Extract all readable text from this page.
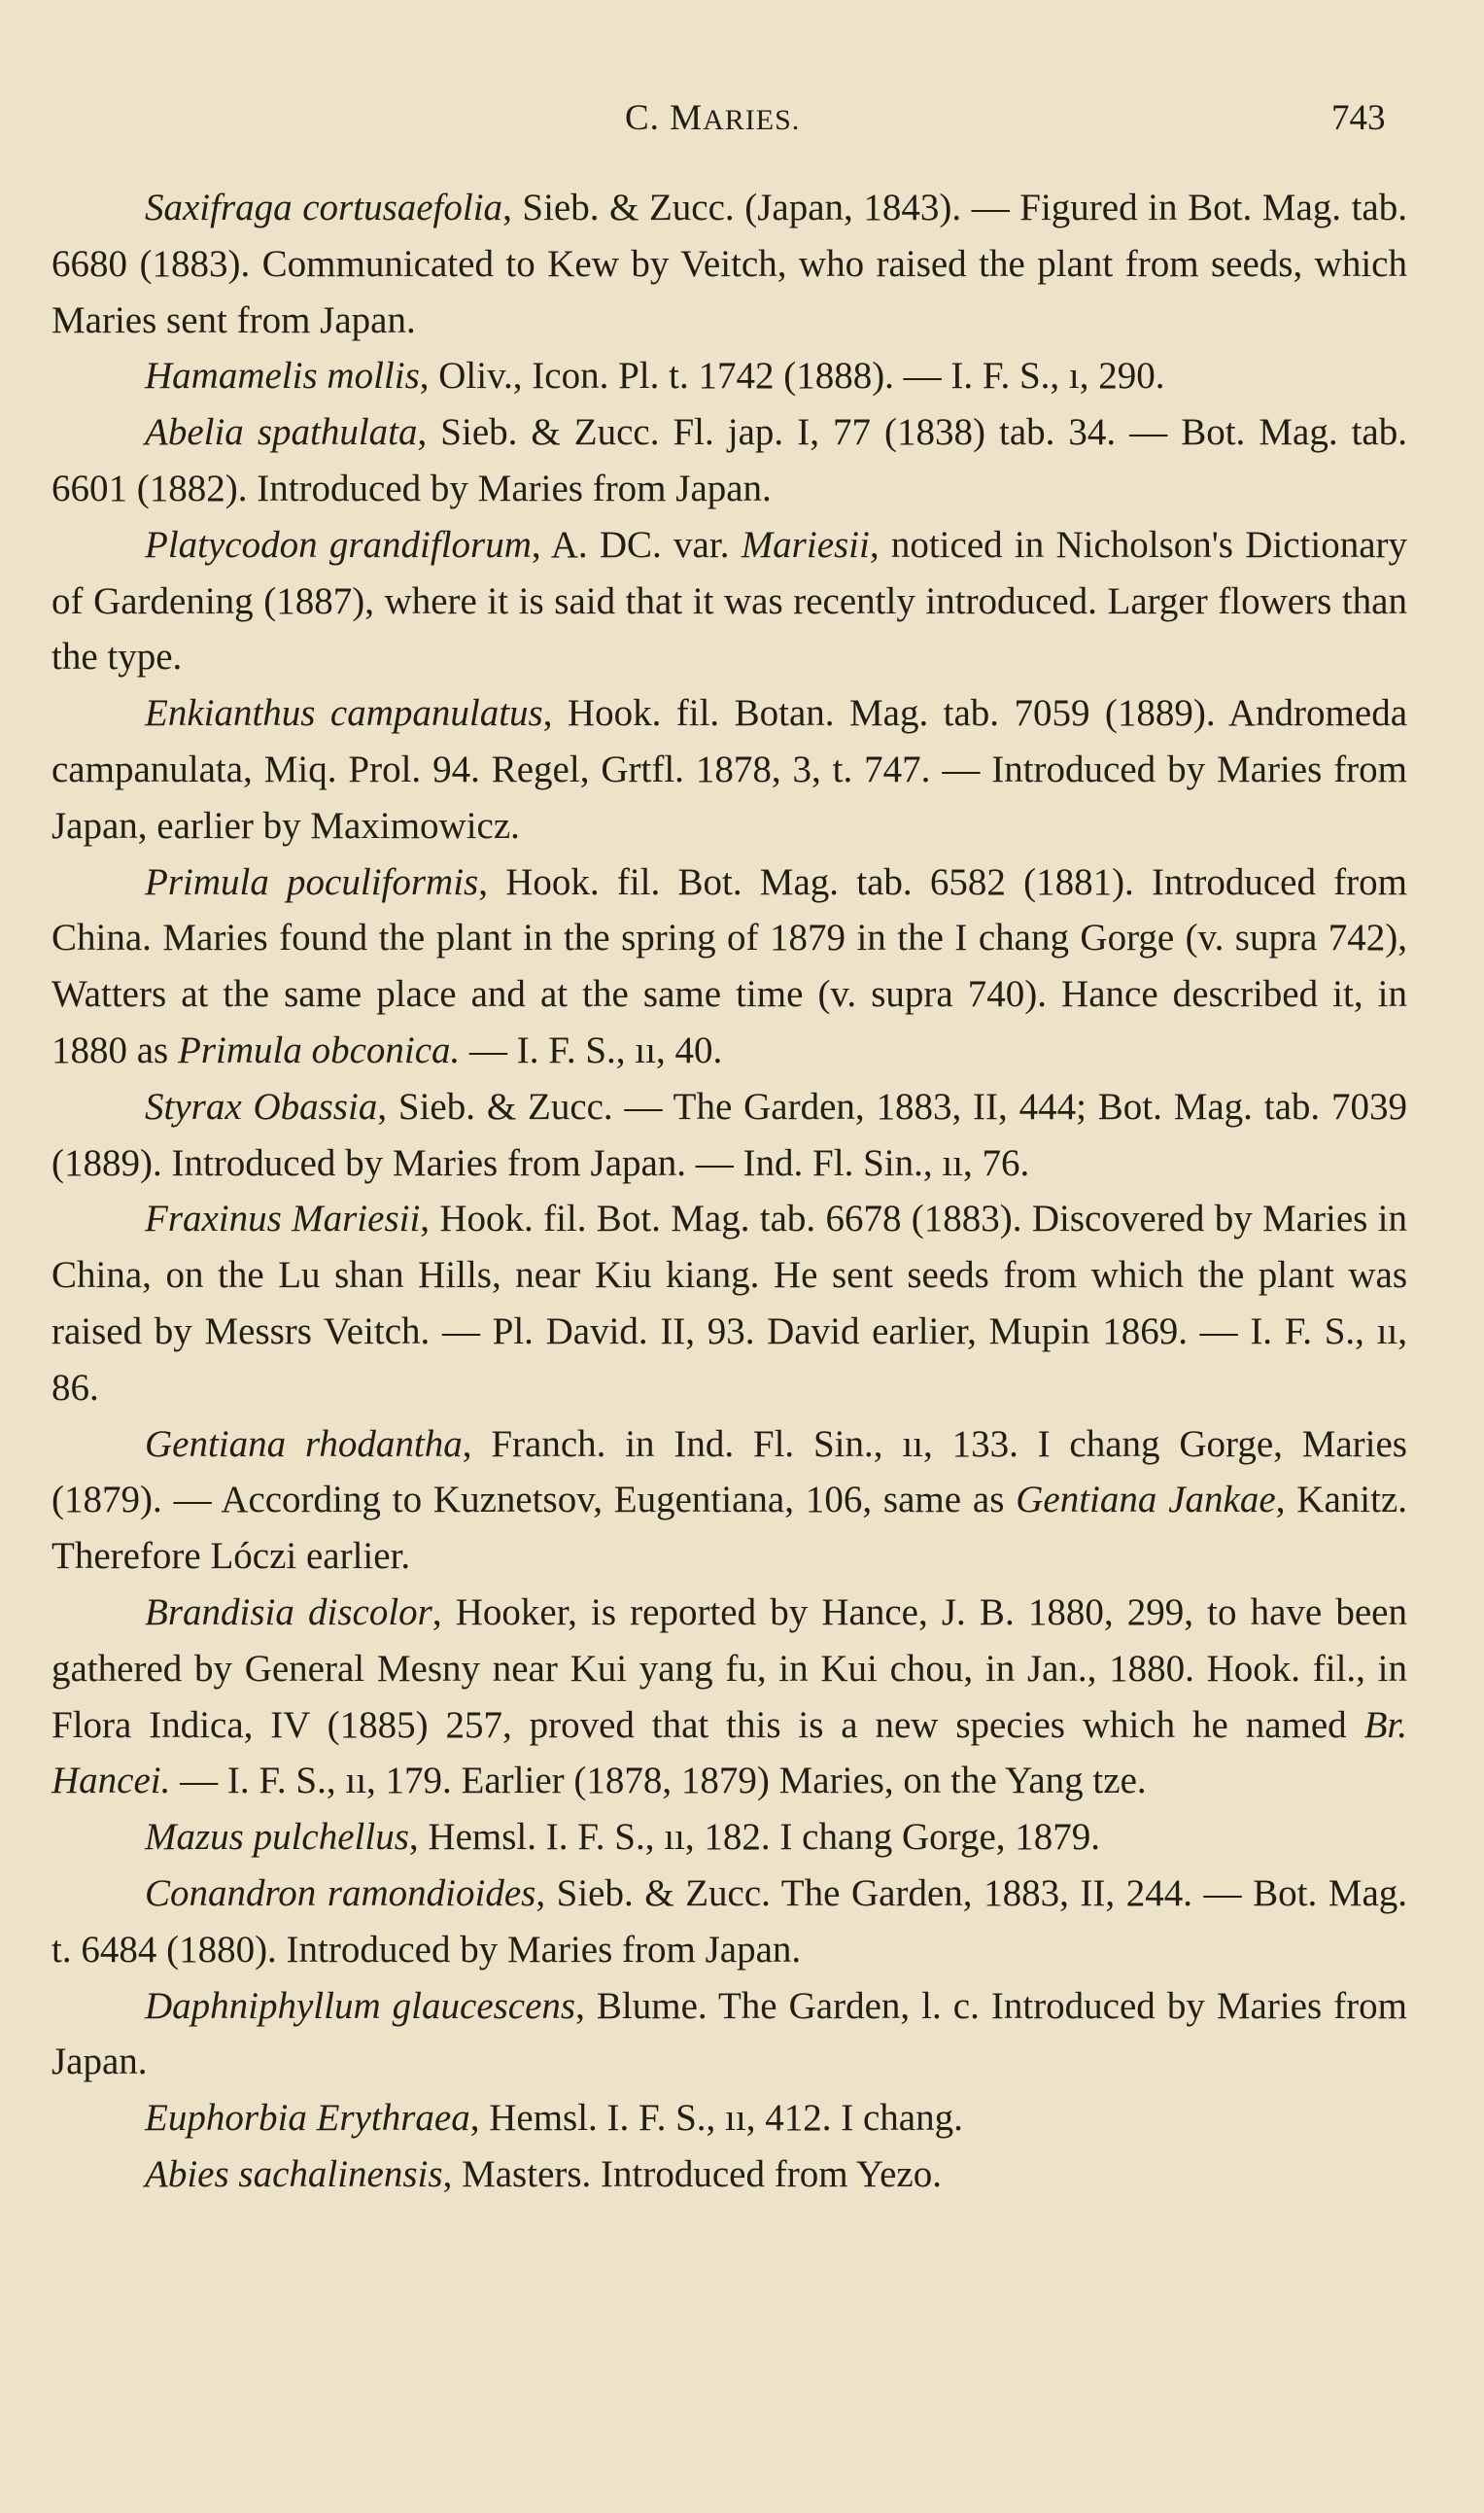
C. MARIES.	743

Saxifraga cortusaefolia, Sieb. & Zucc. (Japan, 1843). — Figured in Bot. Mag. tab. 6680 (1883). Communicated to Kew by Veitch, who raised the plant from seeds, which Maries sent from Japan.

Hamamelis mollis, Oliv., Icon. Pl. t. 1742 (1888). — I. F. S., ı, 290.

Abelia spathulata, Sieb. & Zucc. Fl. jap. I, 77 (1838) tab. 34. — Bot. Mag. tab. 6601 (1882). Introduced by Maries from Japan.

Platycodon grandiflorum, A. DC. var. Mariesii, noticed in Nicholson's Dictionary of Gardening (1887), where it is said that it was recently introduced. Larger flowers than the type.

Enkianthus campanulatus, Hook. fil. Botan. Mag. tab. 7059 (1889). Andromeda campanulata, Miq. Prol. 94. Regel, Grtfl. 1878, 3, t. 747. — Introduced by Maries from Japan, earlier by Maximowicz.

Primula poculiformis, Hook. fil. Bot. Mag. tab. 6582 (1881). Introduced from China. Maries found the plant in the spring of 1879 in the I chang Gorge (v. supra 742), Watters at the same place and at the same time (v. supra 740). Hance described it, in 1880 as Primula obconica. — I. F. S., ıı, 40.

Styrax Obassia, Sieb. & Zucc. — The Garden, 1883, II, 444; Bot. Mag. tab. 7039 (1889). Introduced by Maries from Japan. — Ind. Fl. Sin., ıı, 76.

Fraxinus Mariesii, Hook. fil. Bot. Mag. tab. 6678 (1883). Discovered by Maries in China, on the Lu shan Hills, near Kiu kiang. He sent seeds from which the plant was raised by Messrs Veitch. — Pl. David. II, 93. David earlier, Mupin 1869. — I. F. S., ıı, 86.

Gentiana rhodantha, Franch. in Ind. Fl. Sin., ıı, 133. I chang Gorge, Maries (1879). — According to Kuznetsov, Eugentiana, 106, same as Gentiana Jankae, Kanitz. Therefore Lóczi earlier.

Brandisia discolor, Hooker, is reported by Hance, J. B. 1880, 299, to have been gathered by General Mesny near Kui yang fu, in Kui chou, in Jan., 1880. Hook. fil., in Flora Indica, IV (1885) 257, proved that this is a new species which he named Br. Hancei. — I. F. S., ıı, 179. Earlier (1878, 1879) Maries, on the Yang tze.

Mazus pulchellus, Hemsl. I. F. S., ıı, 182. I chang Gorge, 1879.

Conandron ramondioides, Sieb. & Zucc. The Garden, 1883, II, 244. — Bot. Mag. t. 6484 (1880). Introduced by Maries from Japan.

Daphniphyllum glaucescens, Blume. The Garden, l. c. Introduced by Maries from Japan.

Euphorbia Erythraea, Hemsl. I. F. S., ıı, 412. I chang.

Abies sachalinensis, Masters. Introduced from Yezo.
